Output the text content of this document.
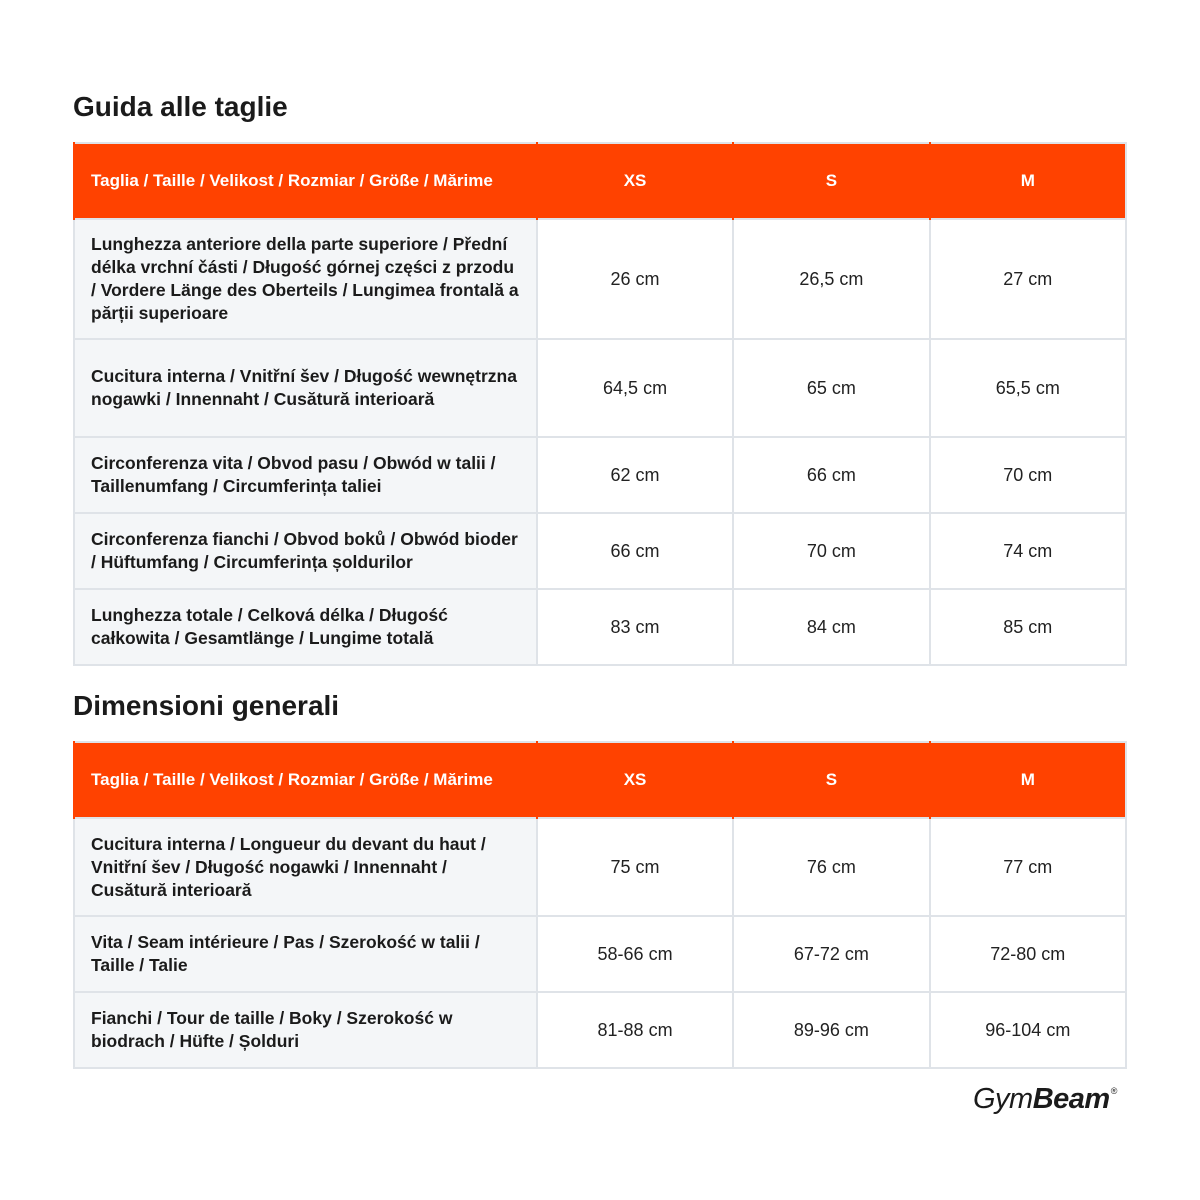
Guida alle taglie
Taglia / Taille / Velikost / Rozmiar / Größe / Mărime	XS	S	M
Lunghezza anteriore della parte superiore / Přední délka vrchní části / Długość górnej części z przodu / Vordere Länge des Oberteils / Lungimea frontală a părții superioare	26 cm	26,5 cm	27 cm
Cucitura interna / Vnitřní šev / Długość wewnętrzna nogawki / Innennaht / Cusătură interioară	64,5 cm	65 cm	65,5 cm
Circonferenza vita / Obvod pasu / Obwód w talii / Taillenumfang / Circumferința taliei	62 cm	66 cm	70 cm
Circonferenza fianchi / Obvod boků / Obwód bioder / Hüftumfang / Circumferința șoldurilor	66 cm	70 cm	74 cm
Lunghezza totale / Celková délka / Długość całkowita / Gesamtlänge / Lungime totală	83 cm	84 cm	85 cm
Dimensioni generali
Taglia / Taille / Velikost / Rozmiar / Größe / Mărime	XS	S	M
Cucitura interna / Longueur du devant du haut / Vnitřní šev / Długość nogawki / Innennaht / Cusătură interioară	75 cm	76 cm	77 cm
Vita / Seam intérieure / Pas / Szerokość w talii / Taille / Talie	58-66 cm	67-72 cm	72-80 cm
Fianchi / Tour de taille / Boky / Szerokość w biodrach / Hüfte / Șolduri	81-88 cm	89-96 cm	96-104 cm
GymBeam®
